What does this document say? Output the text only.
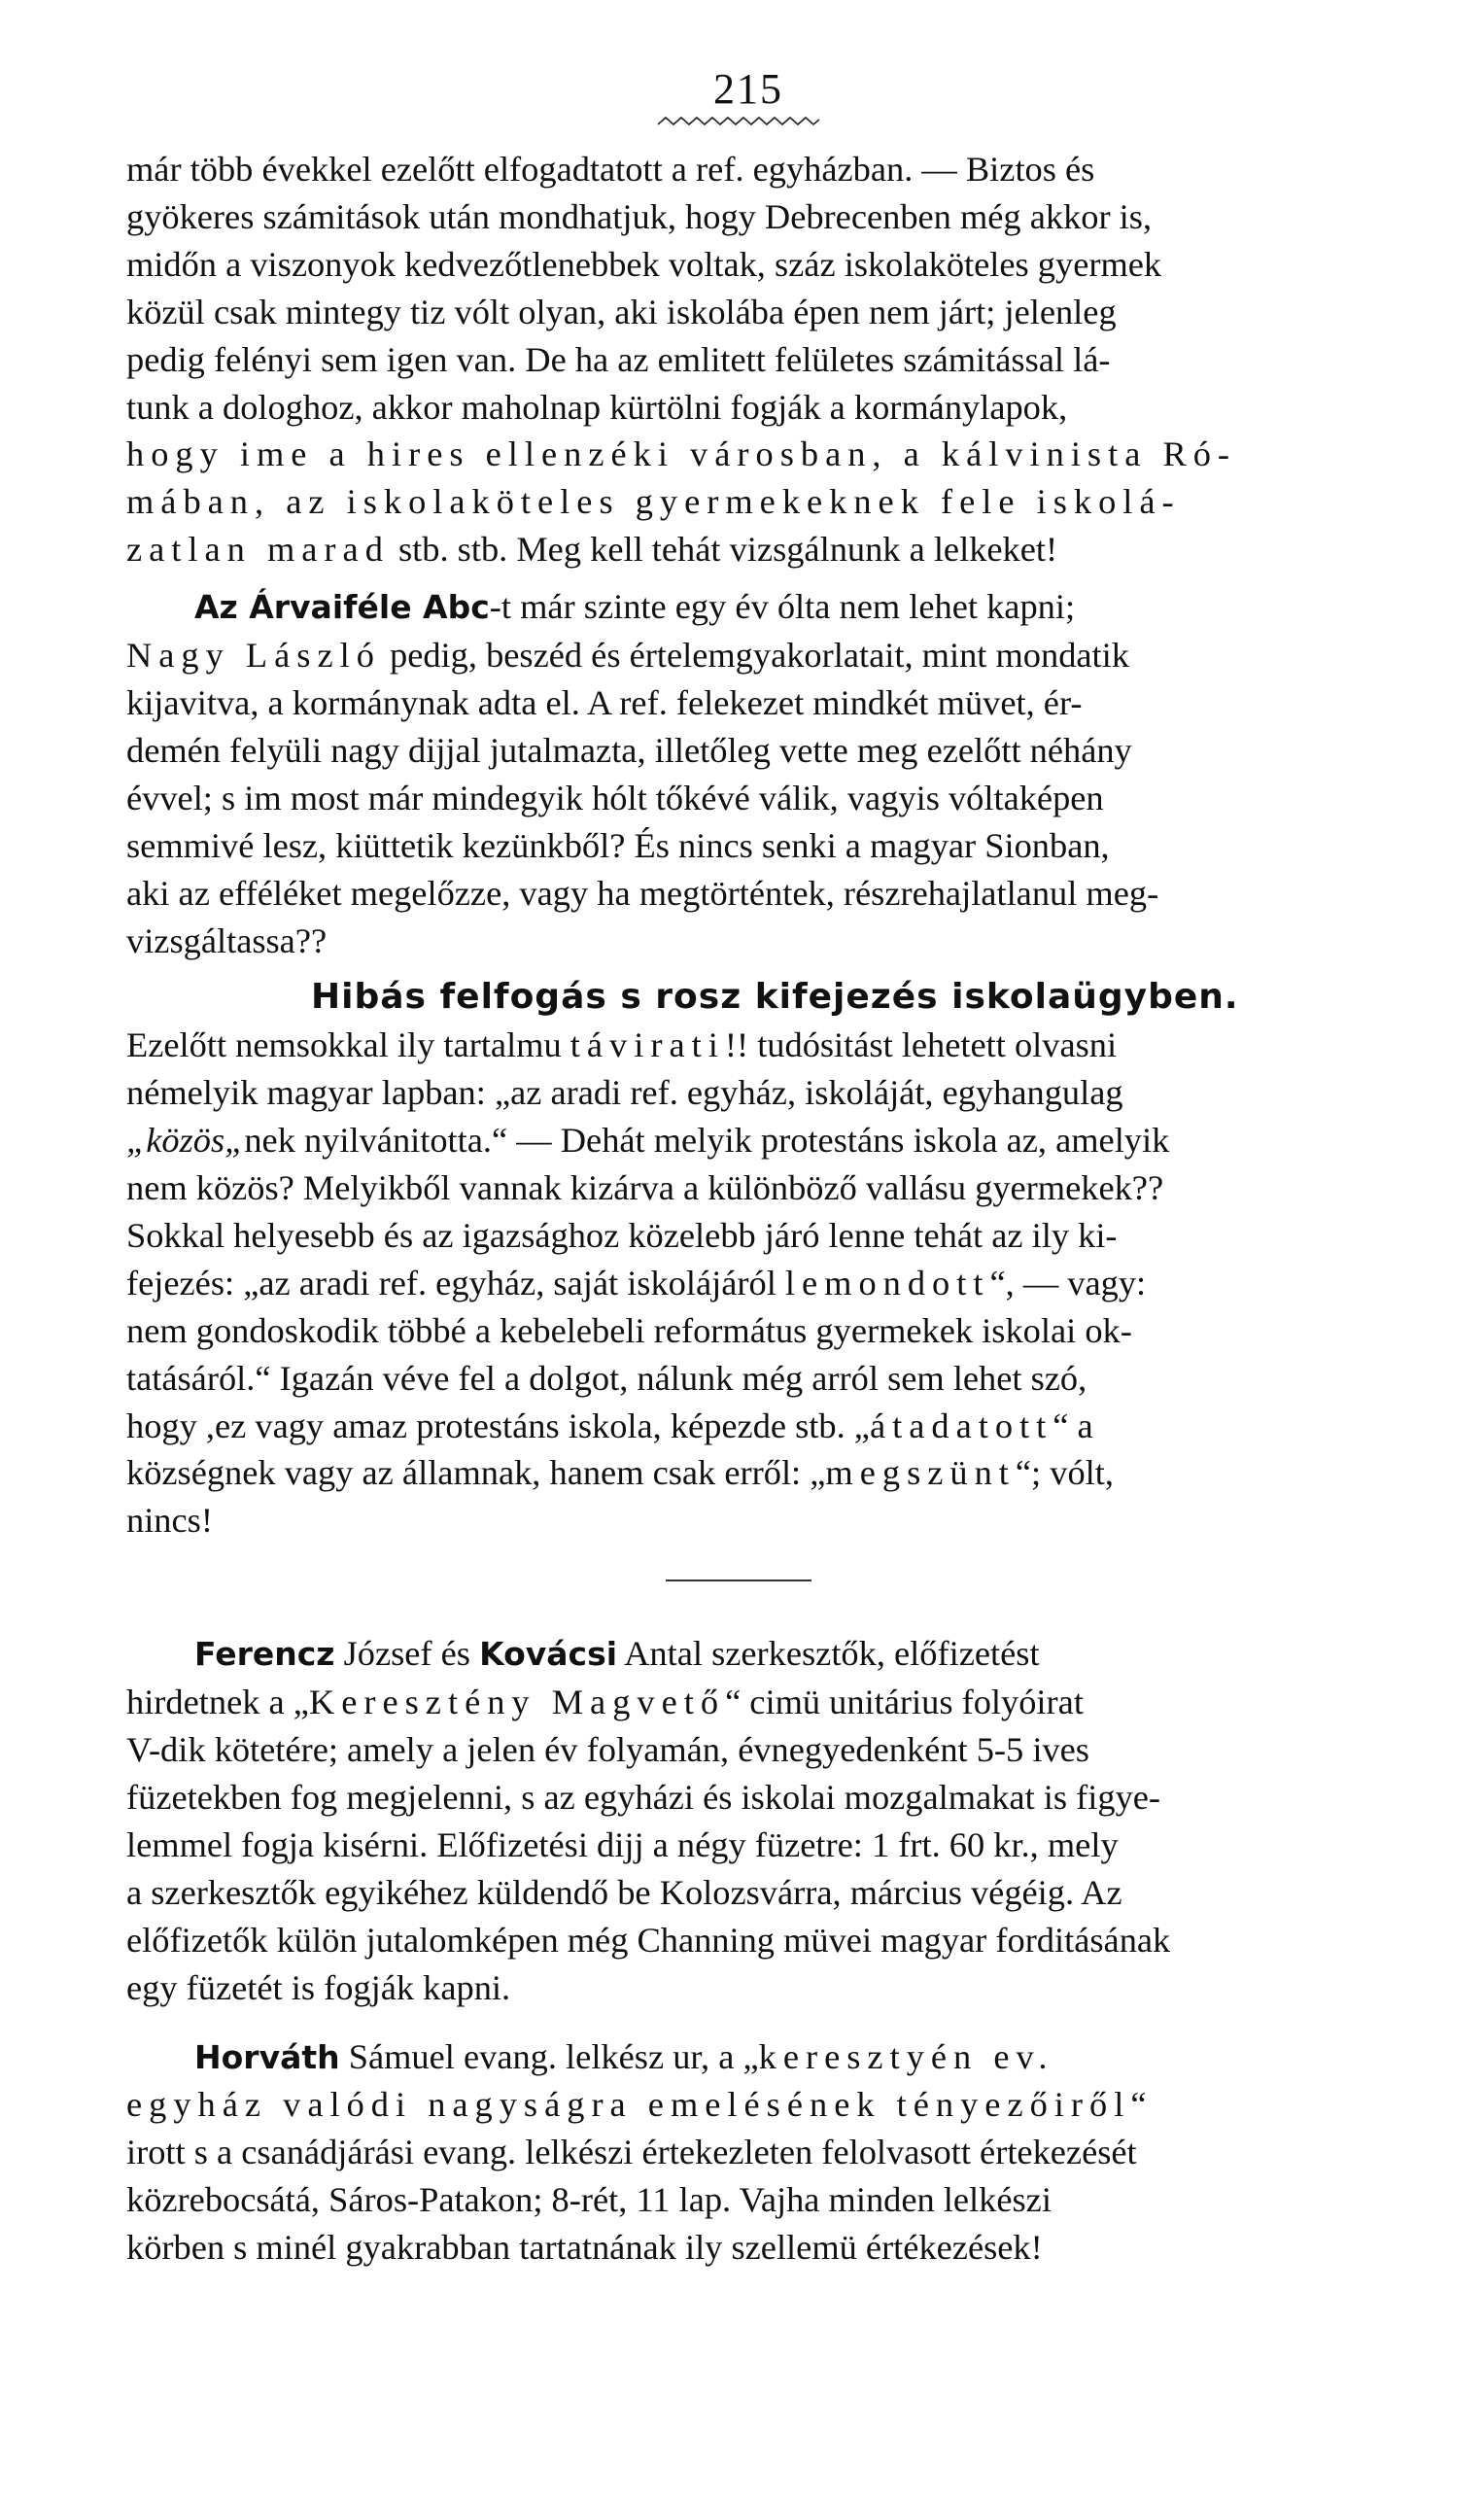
215

már több évekkel ezelőtt elfogadtatott a ref. egyházban. — Biztos és
gyökeres számitások után mondhatjuk, hogy Debrecenben még akkor is,
midőn a viszonyok kedvezőtlenebbek voltak, száz iskolaköteles gyermek
közül csak mintegy tiz vólt olyan, aki iskolába épen nem járt; jelenleg
pedig felényi sem igen van. De ha az emlitett felületes számitással lá-
tunk a dologhoz, akkor maholnap kürtölni fogják a kormánylapok,
hogy ime a hires ellenzéki városban, a kálvinista Ró-
mában, az iskolaköteles gyermekeknek fele iskolá-
zatlan marad stb. stb. Meg kell tehát vizsgálnunk a lelkeket!

Az Árvaiféle Abc-t már szinte egy év ólta nem lehet kapni;
Nagy László pedig, beszéd és értelemgyakorlatait, mint mondatik
kijavitva, a kormánynak adta el. A ref. felekezet mindkét müvet, ér-
demén felyüli nagy dijjal jutalmazta, illetőleg vette meg ezelőtt néhány
évvel; s im most már mindegyik hólt tőkévé válik, vagyis vóltaképen
semmivé lesz, kiüttetik kezünkből? És nincs senki a magyar Sionban,
aki az efféléket megelőzze, vagy ha megtörténtek, részrehajlatlanul meg-
vizsgáltassa??

Hibás felfogás s rosz kifejezés iskolaügyben.

Ezelőtt nemsokkal ily tartalmu távirati!! tudósitást lehetett olvasni
némelyik magyar lapban: „az aradi ref. egyház, iskoláját, egyhangulag
„közös„nek nyilvánitotta.“ — Dehát melyik protestáns iskola az, amelyik
nem közös? Melyikből vannak kizárva a különböző vallásu gyermekek??
Sokkal helyesebb és az igazsághoz közelebb járó lenne tehát az ily ki-
fejezés: „az aradi ref. egyház, saját iskolájáról lemondott“, — vagy:
nem gondoskodik többé a kebelebeli református gyermekek iskolai ok-
tatásáról.“ Igazán véve fel a dolgot, nálunk még arról sem lehet szó,
hogy ,ez vagy amaz protestáns iskola, képezde stb. „átadatott“ a
községnek vagy az államnak, hanem csak erről: „megszünt“; vólt,
nincs!

Ferencz József és Kovácsi Antal szerkesztők, előfizetést
hirdetnek a „Keresztény Magvető“ cimü unitárius folyóirat
V-dik kötetére; amely a jelen év folyamán, évnegyedenként 5-5 ives
füzetekben fog megjelenni, s az egyházi és iskolai mozgalmakat is figye-
lemmel fogja kisérni. Előfizetési dijj a négy füzetre: 1 frt. 60 kr., mely
a szerkesztők egyikéhez küldendő be Kolozsvárra, március végéig. Az
előfizetők külön jutalomképen még Channing müvei magyar forditásának
egy füzetét is fogják kapni.

Horváth Sámuel evang. lelkész ur, a „keresztyén ev.
egyház valódi nagyságra emelésének tényezőiről“
irott s a csanádjárási evang. lelkészi értekezleten felolvasott értekezését
közrebocsátá, Sáros-Patakon; 8-rét, 11 lap. Vajha minden lelkészi
körben s minél gyakrabban tartatnának ily szellemü értékezések!
